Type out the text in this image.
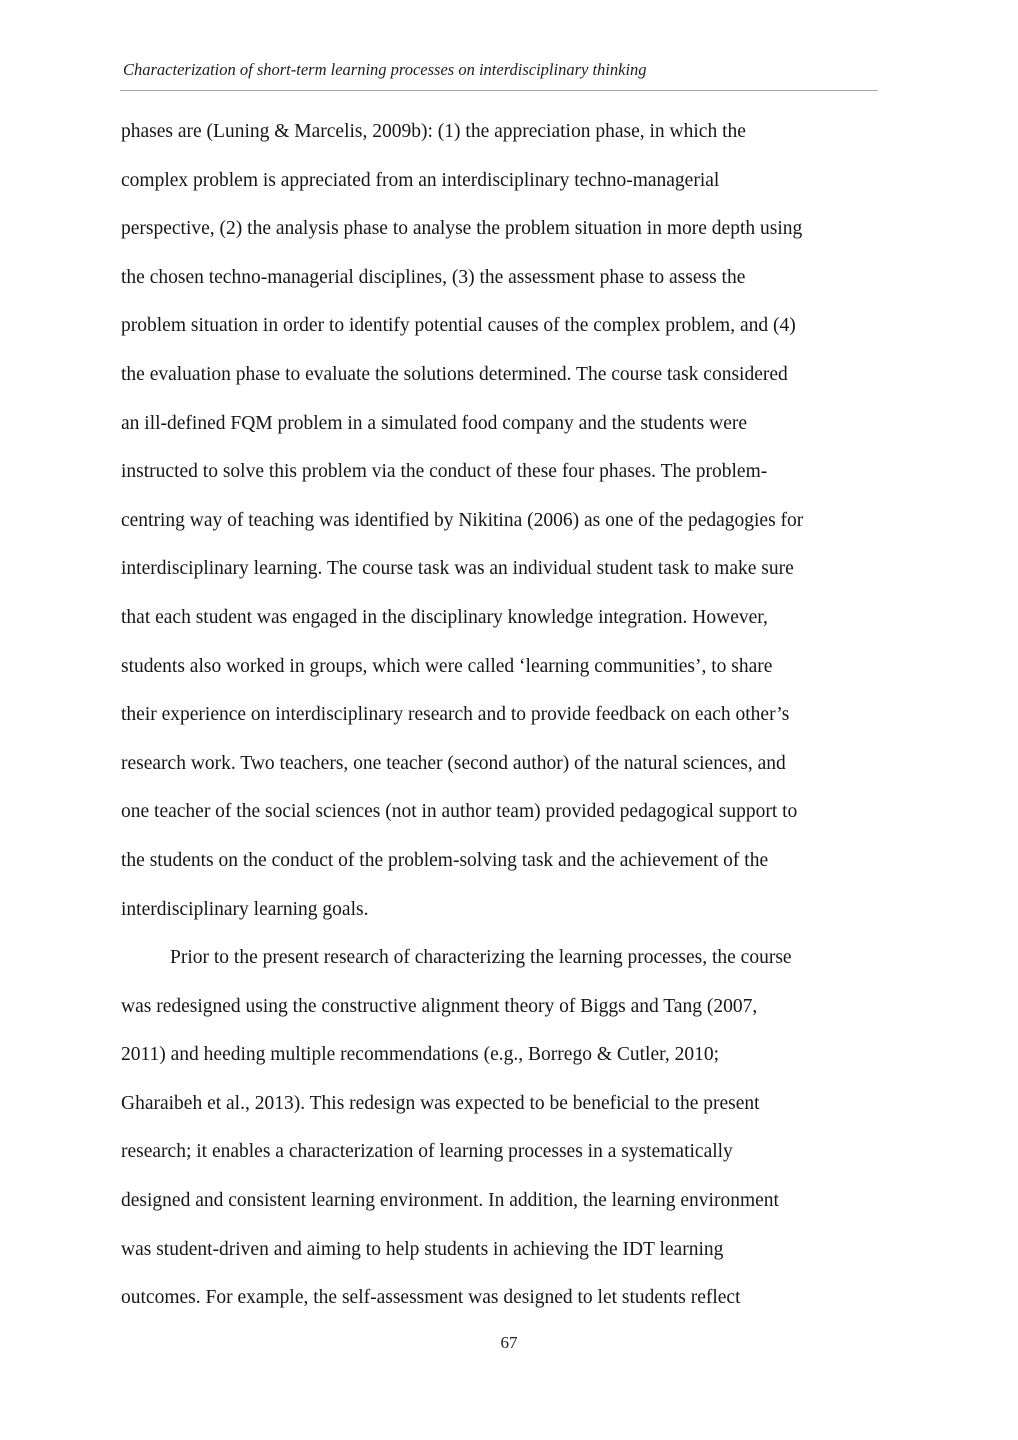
Characterization of short-term learning processes on interdisciplinary thinking
phases are (Luning & Marcelis, 2009b): (1) the appreciation phase, in which the
complex problem is appreciated from an interdisciplinary techno-managerial
perspective, (2) the analysis phase to analyse the problem situation in more depth using
the chosen techno-managerial disciplines, (3) the assessment phase to assess the
problem situation in order to identify potential causes of the complex problem, and (4)
the evaluation phase to evaluate the solutions determined. The course task considered
an ill-defined FQM problem in a simulated food company and the students were
instructed to solve this problem via the conduct of these four phases. The problem-
centring way of teaching was identified by Nikitina (2006) as one of the pedagogies for
interdisciplinary learning. The course task was an individual student task to make sure
that each student was engaged in the disciplinary knowledge integration. However,
students also worked in groups, which were called ‘learning communities’, to share
their experience on interdisciplinary research and to provide feedback on each other’s
research work. Two teachers, one teacher (second author) of the natural sciences, and
one teacher of the social sciences (not in author team) provided pedagogical support to
the students on the conduct of the problem-solving task and the achievement of the
interdisciplinary learning goals.
Prior to the present research of characterizing the learning processes, the course
was redesigned using the constructive alignment theory of Biggs and Tang (2007,
2011) and heeding multiple recommendations (e.g., Borrego & Cutler, 2010;
Gharaibeh et al., 2013). This redesign was expected to be beneficial to the present
research; it enables a characterization of learning processes in a systematically
designed and consistent learning environment. In addition, the learning environment
was student-driven and aiming to help students in achieving the IDT learning
outcomes. For example, the self-assessment was designed to let students reflect
67
